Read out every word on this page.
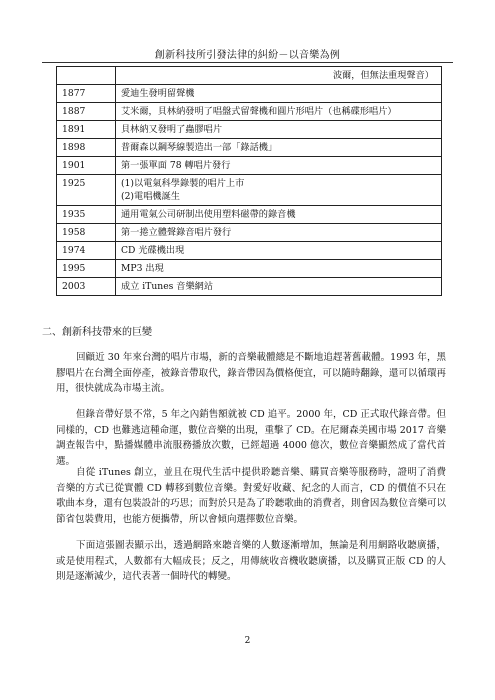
創新科技所引發法律的糾紛－以音樂為例

	波爾，但無法重現聲音）

1877	愛迪生發明留聲機
1887	艾米爾，貝林納發明了唱盤式留聲機和圓片形唱片（也稱碟形唱片）
1891	貝林納又發明了蟲膠唱片
1898	普爾森以鋼琴線製造出一部「錄話機」
1901	第一張單面 78 轉唱片發行
1925	(1)以電氣科學錄製的唱片上市
(2)電唱機誕生

1935	通用電氣公司研制出使用塑料磁帶的錄音機
1958	第一捲立體聲錄音唱片發行
1974	CD 光碟機出現
1995	MP3 出現
2003	成立 iTunes 音樂網站
二、創新科技帶來的巨變

回顧近 30 年來台灣的唱片市場，新的音樂載體總是不斷地追趕著舊載體。1993 年，黑膠唱片在台灣全面停產，被錄音帶取代，錄音帶因為價格便宜，可以隨時翻錄，還可以循環再用，很快就成為市場主流。

但錄音帶好景不常，5 年之內銷售額就被 CD 追平。2000 年，CD 正式取代錄音帶。但同樣的，CD 也難逃這種命運，數位音樂的出現，重擊了 CD。在尼爾森美國市場 2017 音樂調查報告中，點播媒體串流服務播放次數，已經超過 4000 億次，數位音樂顯然成了當代首選。

自從 iTunes 創立，並且在現代生活中提供聆聽音樂、購買音樂等服務時，證明了消費音樂的方式已從實體 CD 轉移到數位音樂。對愛好收藏、紀念的人而言，CD 的價值不只在歌曲本身，還有包裝設計的巧思；而對於只是為了聆聽歌曲的消費者，則會因為數位音樂可以節省包裝費用，也能方便攜帶，所以會傾向選擇數位音樂。

下面這張圖表顯示出，透過網路來聽音樂的人數逐漸增加，無論是利用網路收聽廣播，或是使用程式，人數都有大幅成長；反之，用傳統收音機收聽廣播，以及購買正版 CD 的人則是逐漸減少，這代表著一個時代的轉變。

2
